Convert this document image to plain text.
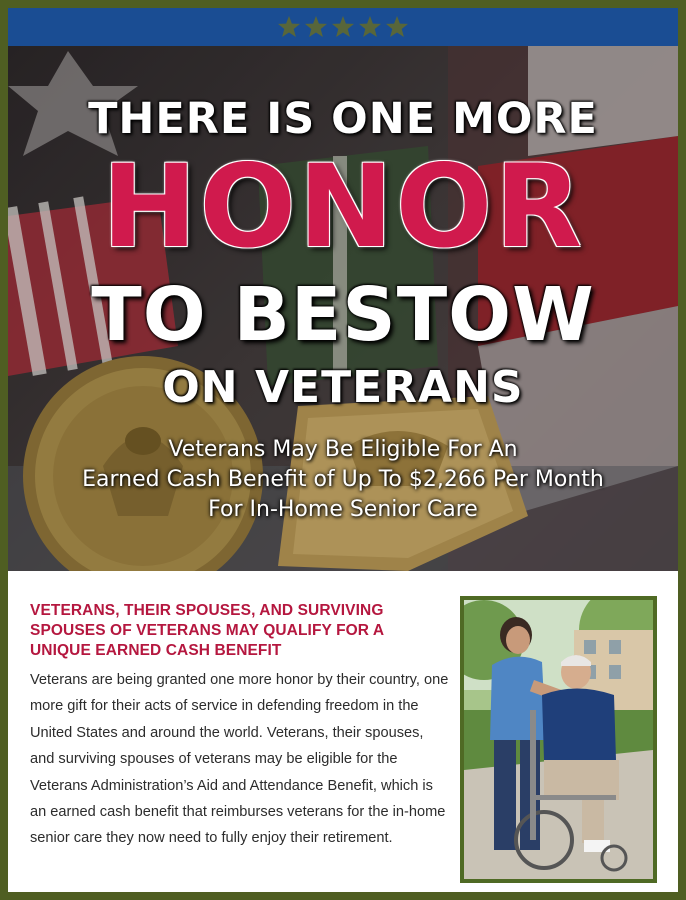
THERE IS ONE MORE
HONOR
TO BESTOW
ON VETERANS
Veterans May Be Eligible For An
Earned Cash Benefit of Up To $2,266 Per Month
For In-Home Senior Care
VETERANS, THEIR SPOUSES, AND SURVIVING SPOUSES OF VETERANS MAY QUALIFY FOR A UNIQUE EARNED CASH BENEFIT

Veterans are being granted one more honor by their country, one more gift for their acts of service in defending freedom in the United States and around the world. Veterans, their spouses, and surviving spouses of veterans may be eligible for the Veterans Administration’s Aid and Attendance Benefit, which is an earned cash benefit that reimburses veterans for the in-home senior care they now need to fully enjoy their retirement.
